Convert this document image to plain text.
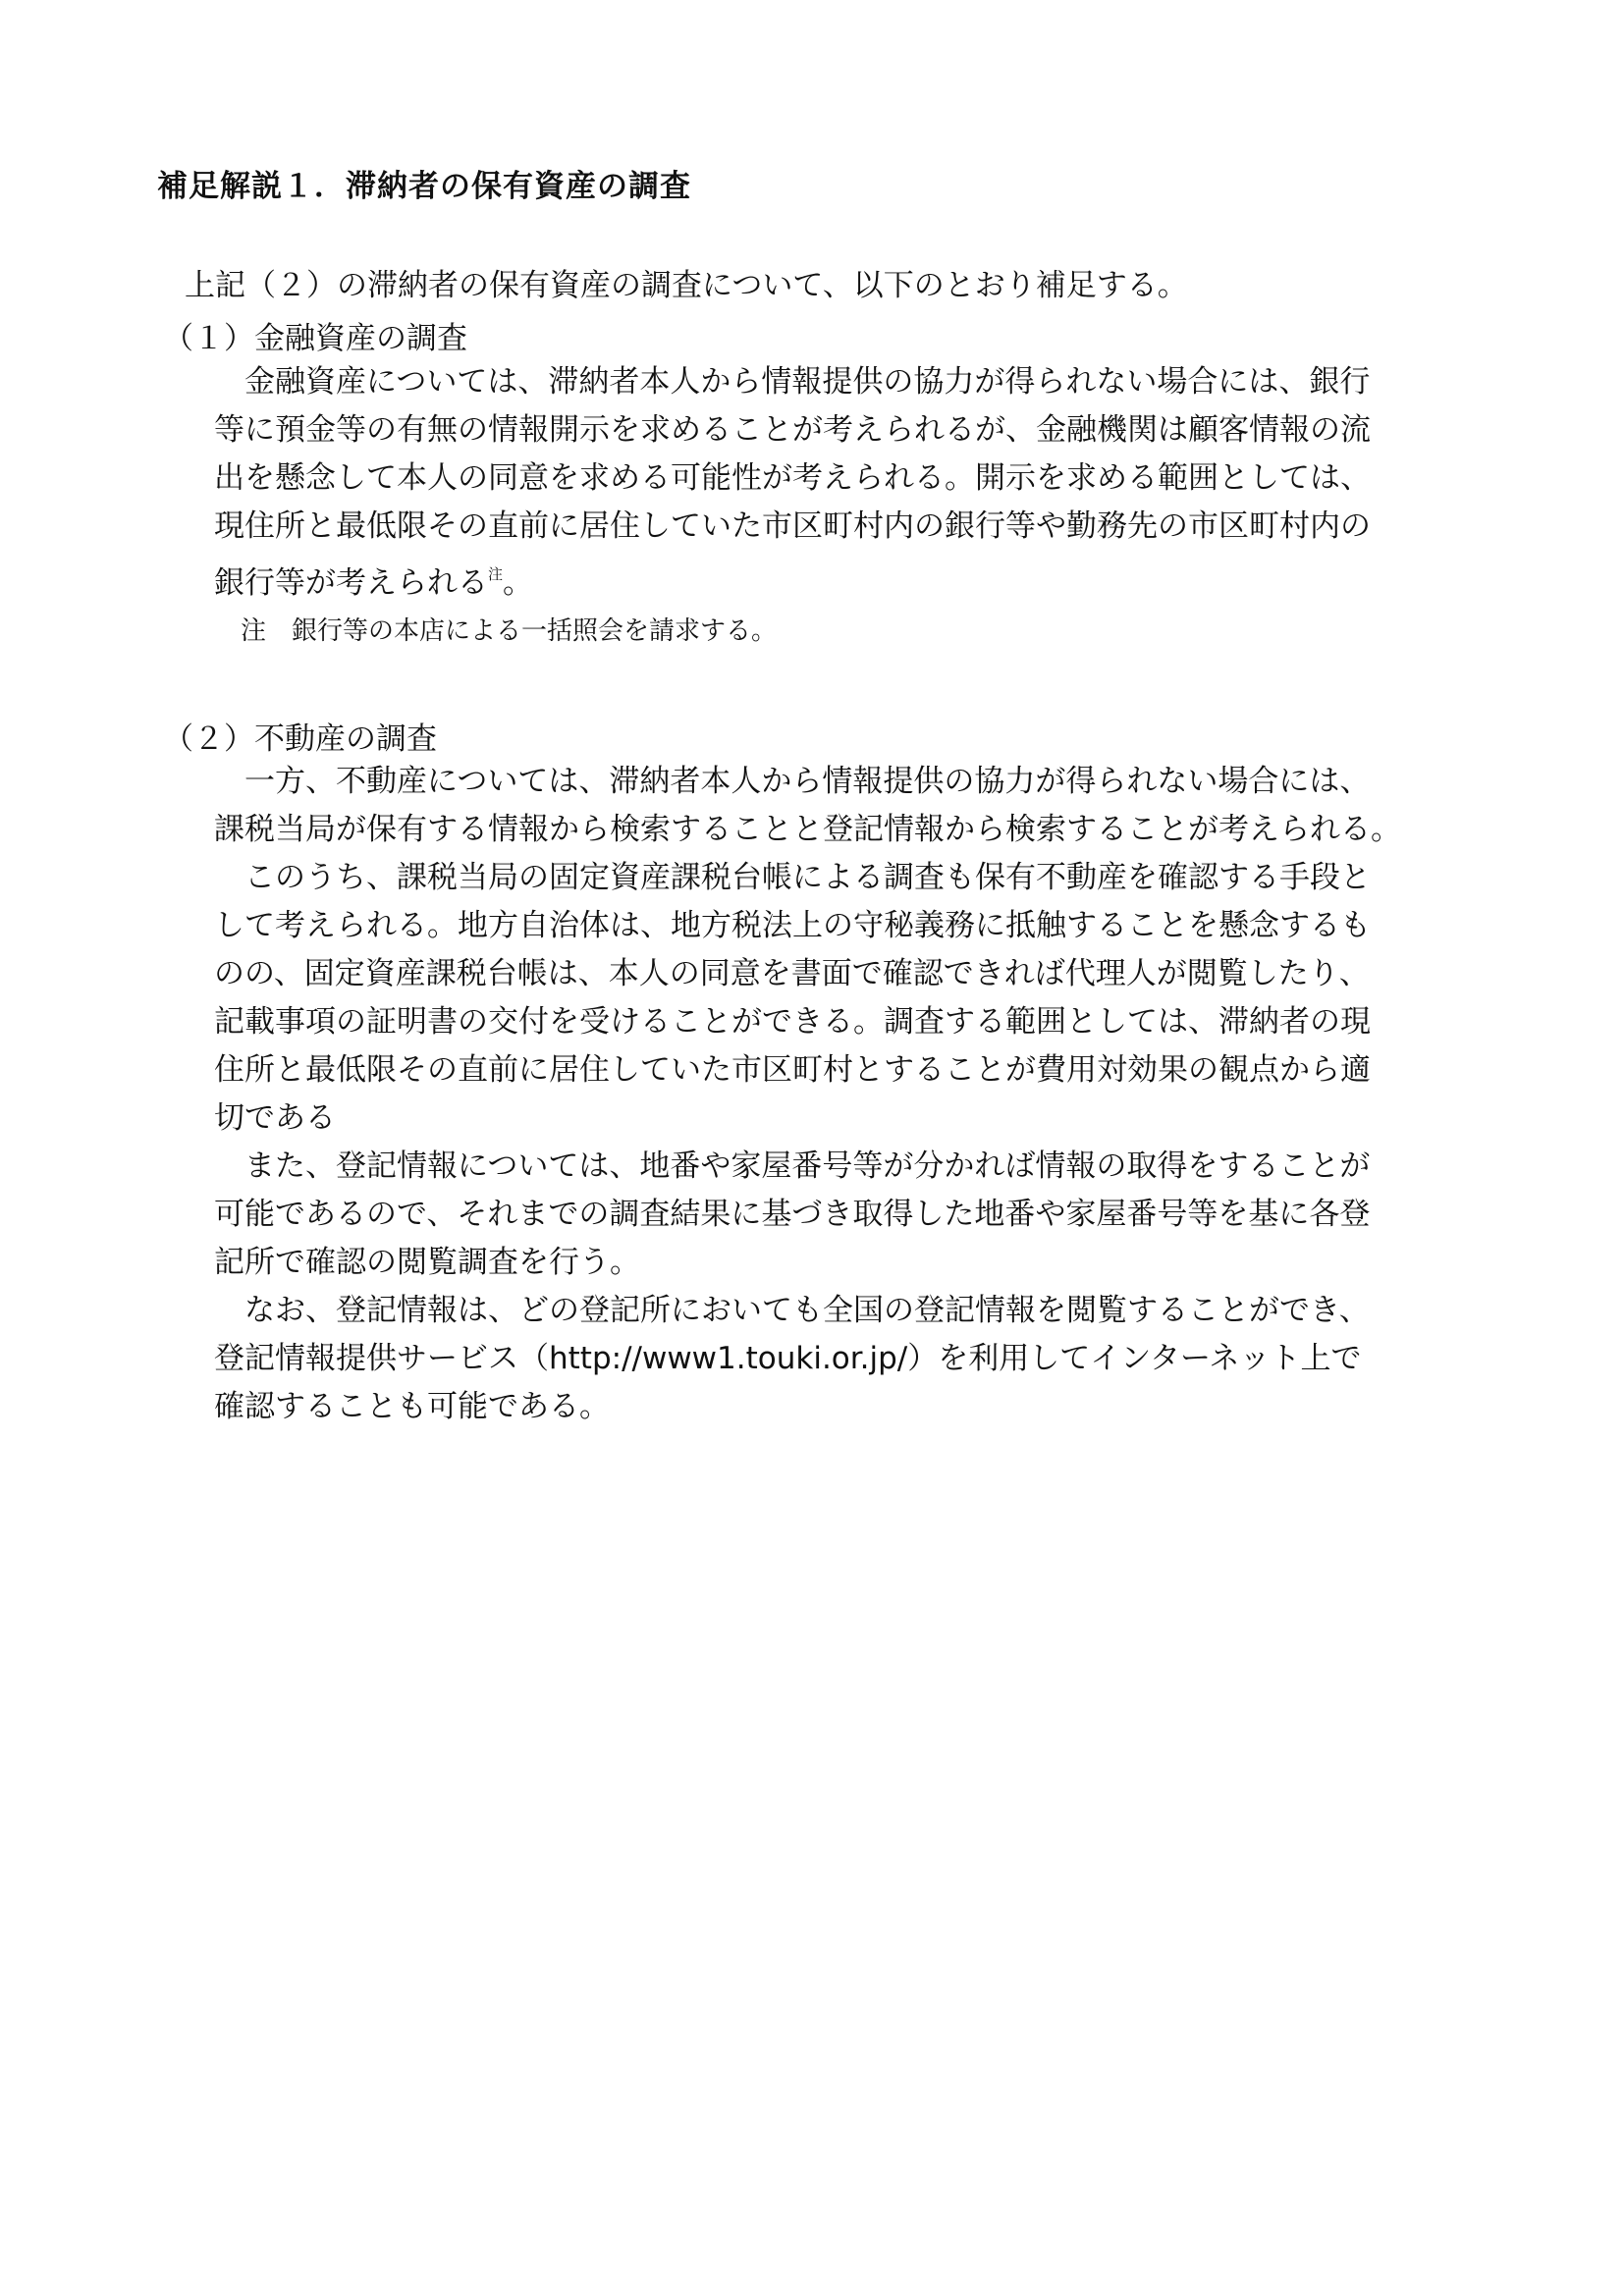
補足解説１．滞納者の保有資産の調査
上記（２）の滞納者の保有資産の調査について、以下のとおり補足する。
（１）金融資産の調査

　金融資産については、滞納者本人から情報提供の協力が得られない場合には、銀行
等に預金等の有無の情報開示を求めることが考えられるが、金融機関は顧客情報の流
出を懸念して本人の同意を求める可能性が考えられる。開示を求める範囲としては、
現住所と最低限その直前に居住していた市区町村内の銀行等や勤務先の市区町村内の
銀行等が考えられる$^注$。

注　銀行等の本店による一括照会を請求する。
（２）不動産の調査

　一方、不動産については、滞納者本人から情報提供の協力が得られない場合には、
課税当局が保有する情報から検索することと登記情報から検索することが考えられる。

　このうち、課税当局の固定資産課税台帳による調査も保有不動産を確認する手段と
して考えられる。地方自治体は、地方税法上の守秘義務に抵触することを懸念するも
のの、固定資産課税台帳は、本人の同意を書面で確認できれば代理人が閲覧したり、
記載事項の証明書の交付を受けることができる。調査する範囲としては、滞納者の現
住所と最低限その直前に居住していた市区町村とすることが費用対効果の観点から適
切である

　また、登記情報については、地番や家屋番号等が分かれば情報の取得をすることが
可能であるので、それまでの調査結果に基づき取得した地番や家屋番号等を基に各登
記所で確認の閲覧調査を行う。

　なお、登記情報は、どの登記所においても全国の登記情報を閲覧することができ、
登記情報提供サービス（http://www1.touki.or.jp/）を利用してインターネット上で
確認することも可能である。
